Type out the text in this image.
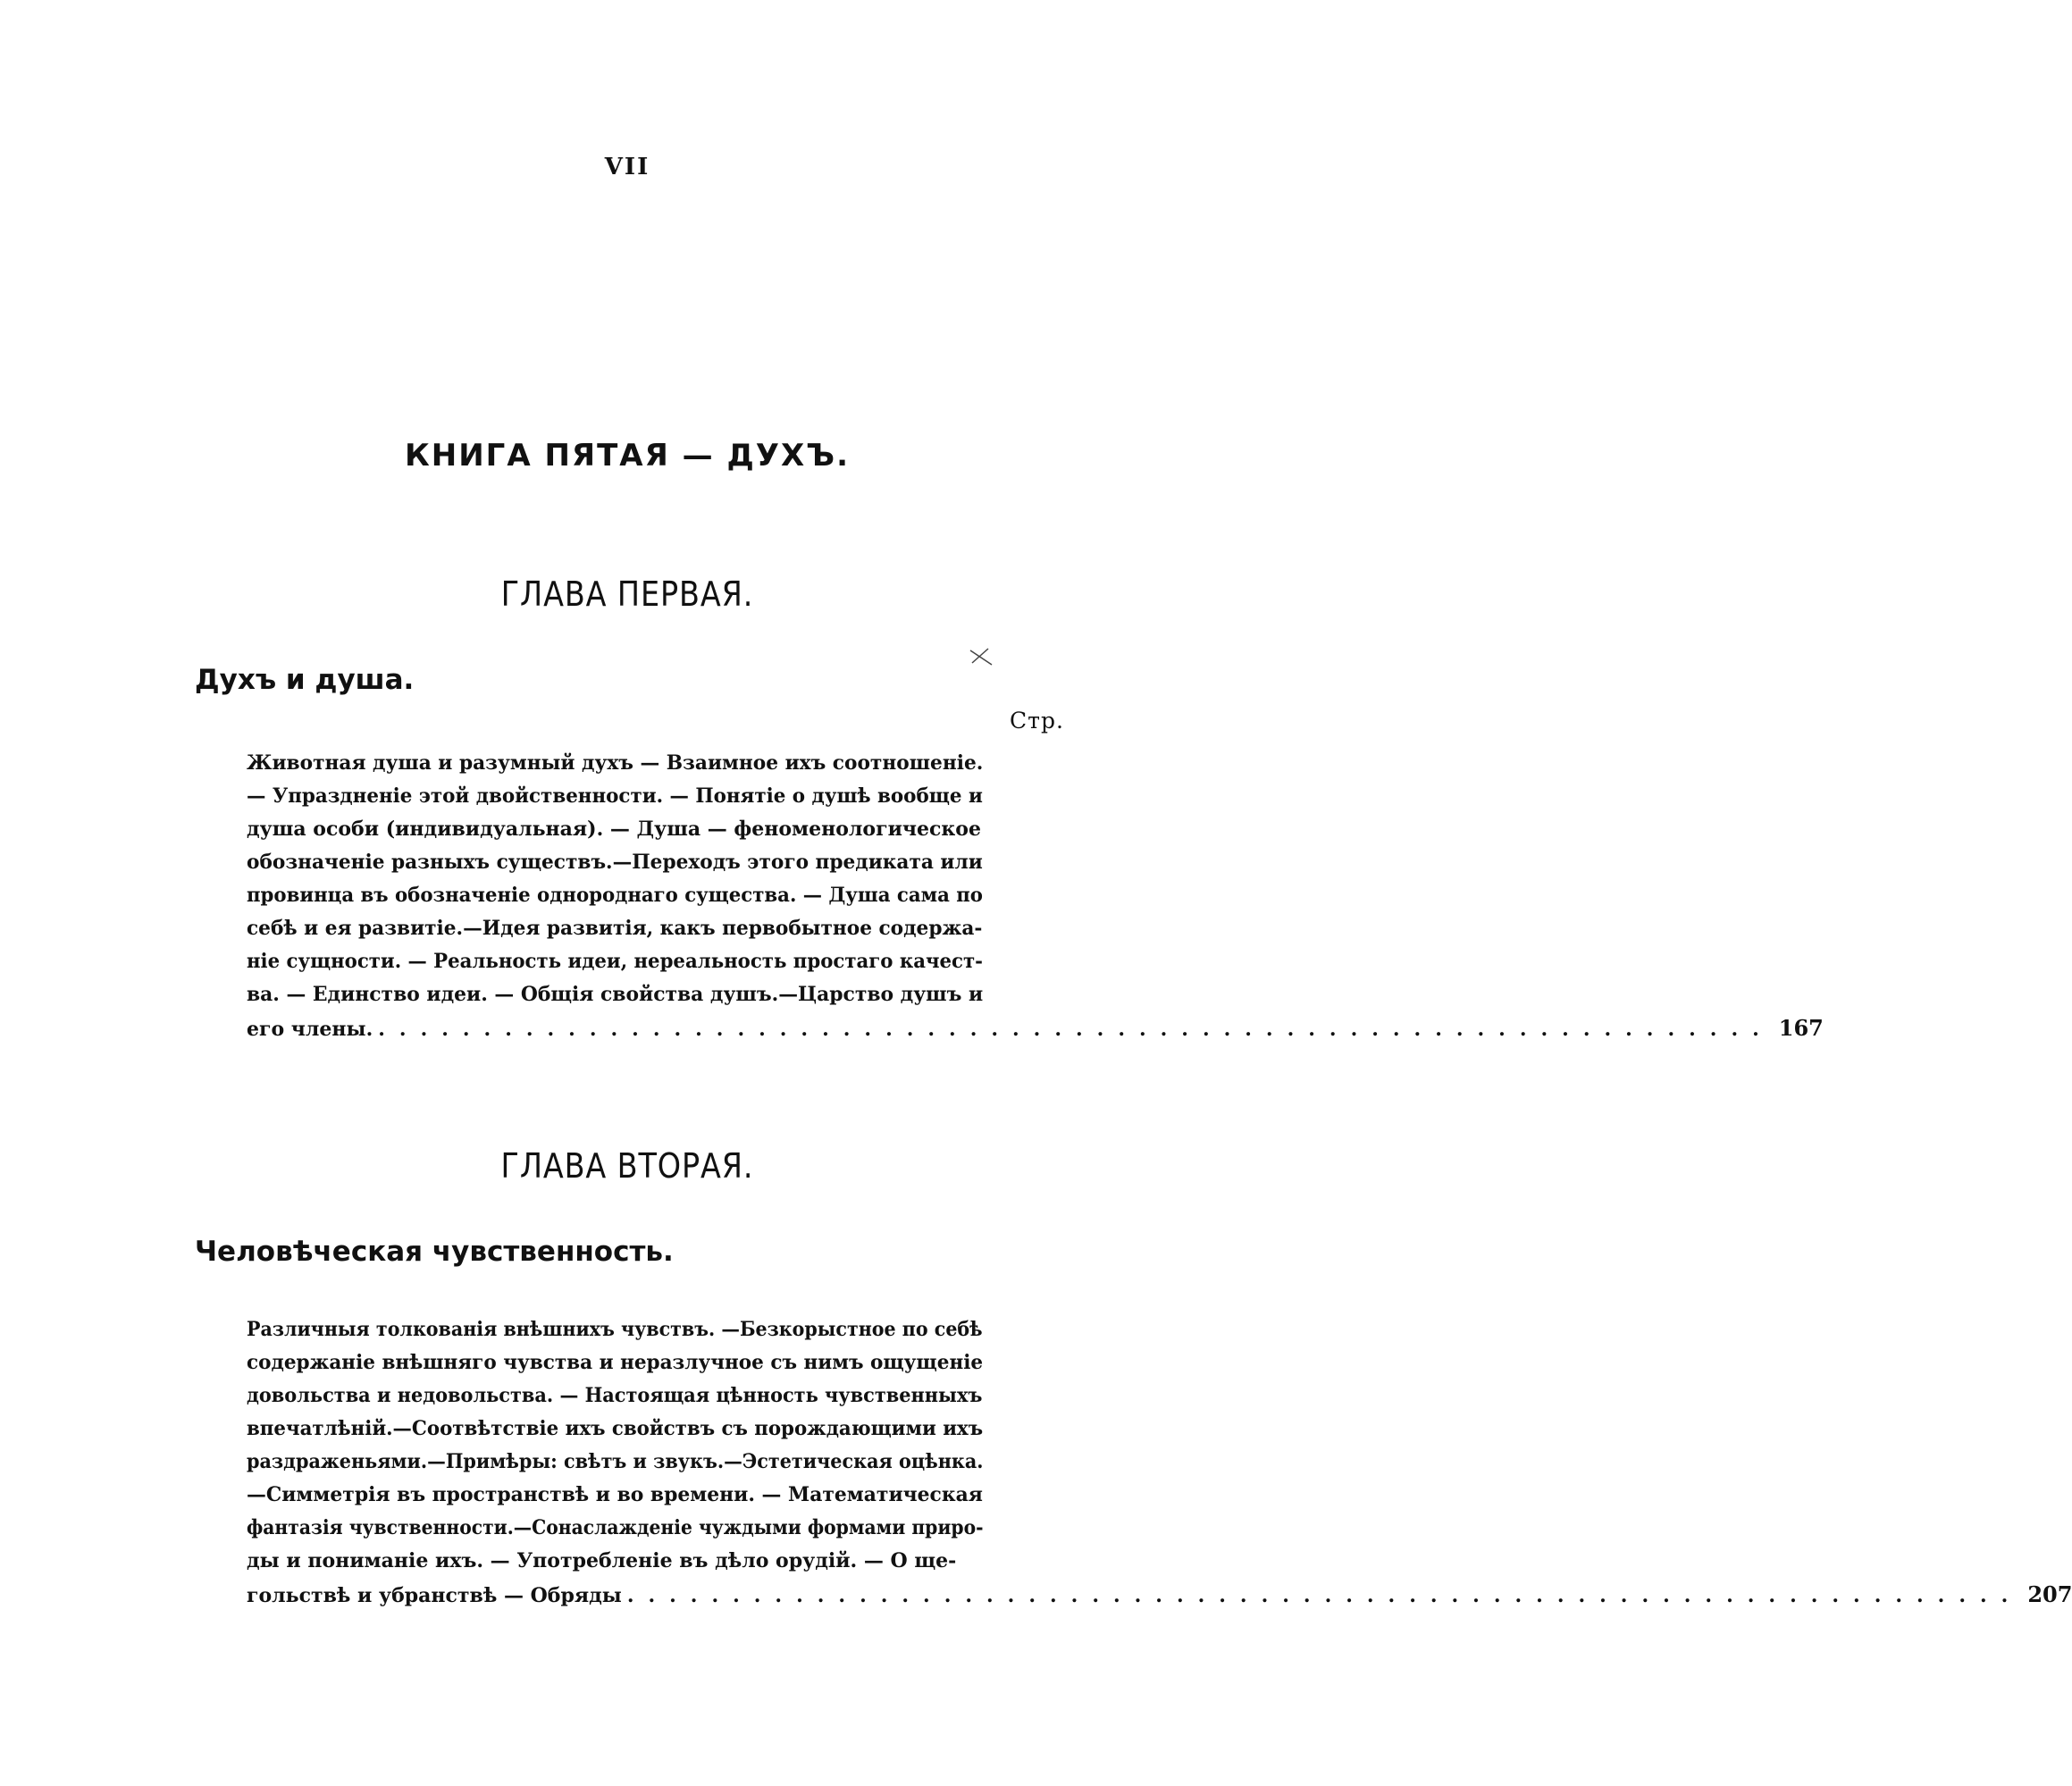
VII
КНИГА ПЯТАЯ — ДУХЪ.
ГЛАВА ПЕРВАЯ.
Духъ и душа.
Стр.
Животная душа и разумный духъ — Взаимное ихъ соотношеніе.
— Упраздненіе этой двойственности. — Понятіе о душѣ вообще и
душа особи (индивидуальная). — Душа — феноменологическое
обозначеніе разныхъ существъ.—Переходъ этого предиката или
провинца въ обозначеніе однороднаго существа. — Душа сама по
себѣ и ея развитіе.—Идея развитія, какъ первобытное содержа-
ніе сущности. — Реальность идеи, нереальность простаго качест-
ва. — Единство идеи. — Общія свойства душъ.—Царство душъ и
его члены. .................................................................. 167
ГЛАВА ВТОРАЯ.
Человѣческая чувственность.
Различныя толкованія внѣшнихъ чувствъ. —Безкорыстное по себѣ
содержаніе внѣшняго чувства и неразлучное съ нимъ ощущеніе
довольства и недовольства. — Настоящая цѣнность чувственныхъ
впечатлѣній.—Соотвѣтствіе ихъ свойствъ съ порождающими ихъ
раздраженьями.—Примѣры: свѣтъ и звукъ.—Эстетическая оцѣнка.
—Симметрія въ пространствѣ и во времени. — Математическая
фантазія чувственности.—Сонаслажденіе чуждыми формами приро-
ды и пониманіе ихъ. — Употребленіе въ дѣло орудій. — О ще-
гольствѣ и убранствѣ — Обряды .................................................................. 207
